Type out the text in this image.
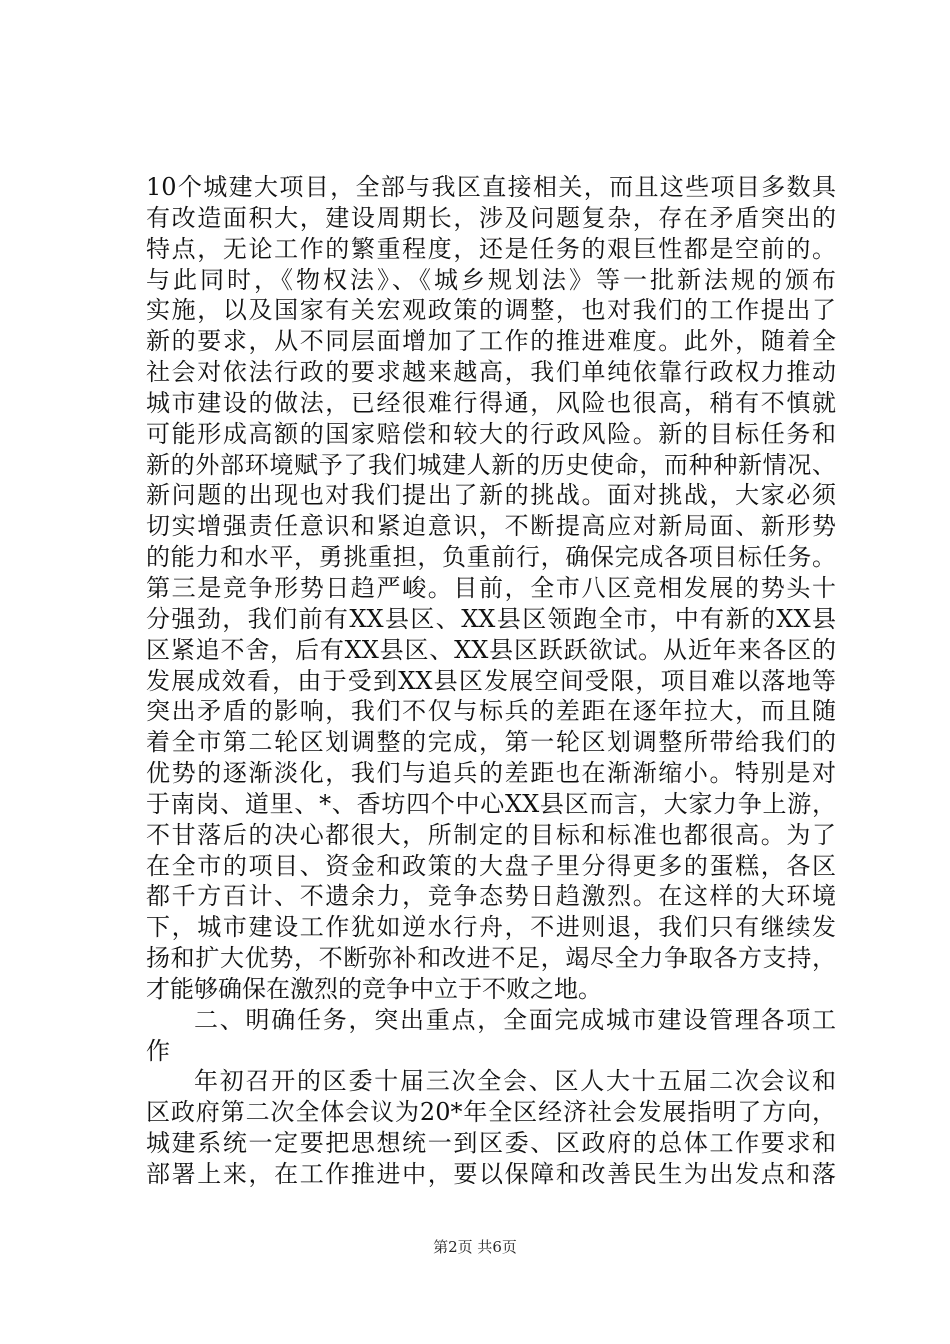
10个城建大项目，全部与我区直接相关，而且这些项目多数具
有改造面积大，建设周期长，涉及问题复杂，存在矛盾突出的
特点，无论工作的繁重程度，还是任务的艰巨性都是空前的。
与此同时，《物权法》、《城乡规划法》等一批新法规的颁布
实施，以及国家有关宏观政策的调整，也对我们的工作提出了
新的要求，从不同层面增加了工作的推进难度。此外，随着全
社会对依法行政的要求越来越高，我们单纯依靠行政权力推动
城市建设的做法，已经很难行得通，风险也很高，稍有不慎就
可能形成高额的国家赔偿和较大的行政风险。新的目标任务和
新的外部环境赋予了我们城建人新的历史使命，而种种新情况、
新问题的出现也对我们提出了新的挑战。面对挑战，大家必须
切实增强责任意识和紧迫意识，不断提高应对新局面、新形势
的能力和水平，勇挑重担，负重前行，确保完成各项目标任务。
第三是竞争形势日趋严峻。目前，全市八区竞相发展的势头十
分强劲，我们前有XX县区、XX县区领跑全市，中有新的XX县
区紧追不舍，后有XX县区、XX县区跃跃欲试。从近年来各区的
发展成效看，由于受到XX县区发展空间受限，项目难以落地等
突出矛盾的影响，我们不仅与标兵的差距在逐年拉大，而且随
着全市第二轮区划调整的完成，第一轮区划调整所带给我们的
优势的逐渐淡化，我们与追兵的差距也在渐渐缩小。特别是对
于南岗、道里、*、香坊四个中心XX县区而言，大家力争上游，
不甘落后的决心都很大，所制定的目标和标准也都很高。为了
在全市的项目、资金和政策的大盘子里分得更多的蛋糕，各区
都千方百计、不遗余力，竞争态势日趋激烈。在这样的大环境
下，城市建设工作犹如逆水行舟，不进则退，我们只有继续发
扬和扩大优势，不断弥补和改进不足，竭尽全力争取各方支持，
才能够确保在激烈的竞争中立于不败之地。
二、明确任务，突出重点，全面完成城市建设管理各项工
作
年初召开的区委十届三次全会、区人大十五届二次会议和
区政府第二次全体会议为20*年全区经济社会发展指明了方向，
城建系统一定要把思想统一到区委、区政府的总体工作要求和
部署上来，在工作推进中，要以保障和改善民生为出发点和落
第2页 共6页
